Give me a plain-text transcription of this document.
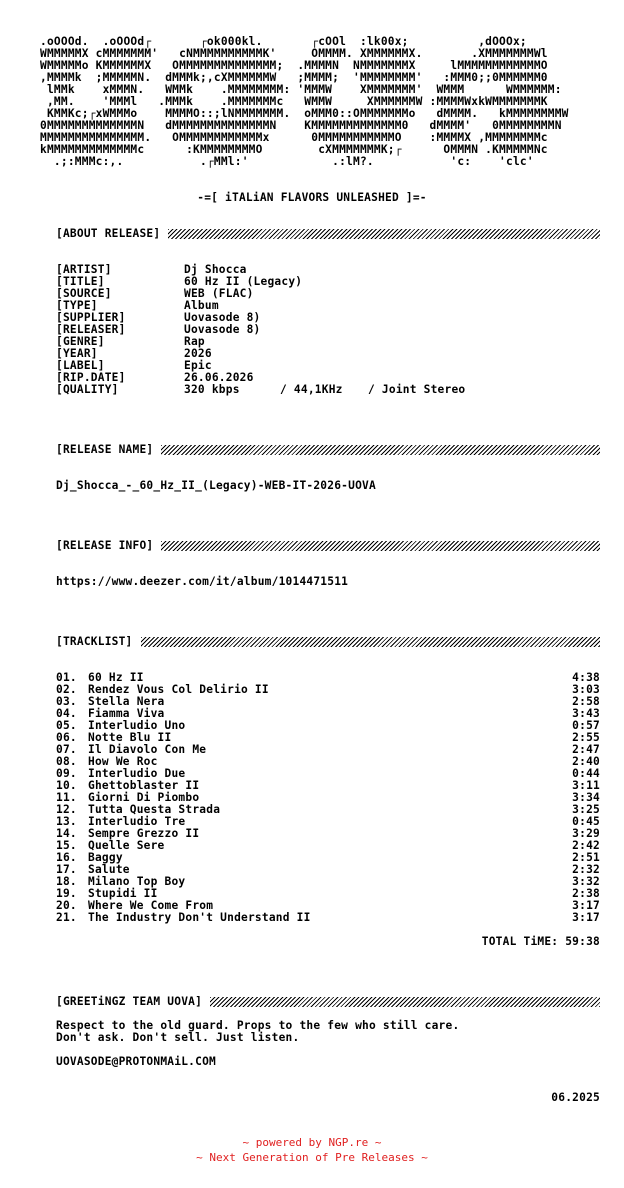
.oOOOd.  .oOOOd┌       ┌ok000kl.       ┌cOOl  :lk00x;          ,dOOOx;
WMMMMMX cMMMMMMM'   cNMMMMMMMMMMK'     OMMMM. XMMMMMMX.       .XMMMMMMMWl
WMMMMMo KMMMMMMX   OMMMMMMMMMMMMMM;  .MMMMN  NMMMMMMMX     lMMMMMMMMMMMMO
,MMMMk  ;MMMMMN.  dMMMk;,cXMMMMMMW   ;MMMM;  'MMMMMMMM'   :MMM0;;0MMMMMM0
lMMk    xMMMN.   WMMk    .MMMMMMMM: 'MMMW    XMMMMMMM'  WMMM      WMMMMMM:
,MM.    'MMMl   .MMMk    .MMMMMMMc   WMMW     XMMMMMMW :MMMMWxkWMMMMMMMK
KMMKc;┌xWMMMo    MMMMO::;lNMMMMMMM.  oMMM0::OMMMMMMMo   dMMMM.   kMMMMMMMMW
0MMMMMMMMMMMMMN   dMMMMMMMMMMMMMMN    KMMMMMMMMMMMMM0   dMMMM'   0MMMMMMMMN
MMMMMMMMMMMMMMM.   OMMMMMMMMMMMMx      0MMMMMMMMMMMO    :MMMMX ,MMMMMMMMc
kMMMMMMMMMMMMMc      :KMMMMMMMMO        cXMMMMMMMK;┌      OMMMN .KMMMMMNc
.;:MMMc:,.           .┌MMl:'            .:lM?.           'c:    'clc'
-=[ iTALiAN FLAVORS UNLEASHED ]=-
[ABOUT RELEASE]
[ARTIST]	Dj Shocca
[TITLE]	60 Hz II (Legacy)
[SOURCE]	WEB (FLAC)
[TYPE]	Album
[SUPPLIER]	Uovasode 8)
[RELEASER]	Uovasode 8)
[GENRE]	Rap
[YEAR]	2026
[LABEL]	Epic
[RIP.DATE]	26.06.2026
[QUALITY]	320 kbps	/ 44,1KHz / Joint Stereo
[RELEASE NAME]
Dj_Shocca_-_60_Hz_II_(Legacy)-WEB-IT-2026-UOVA
[RELEASE INFO]
https://www.deezer.com/it/album/1014471511
[TRACKLIST]
01. 60 Hz II	4:38
02. Rendez Vous Col Delirio II	3:03
03. Stella Nera	2:58
04. Fiamma Viva	3:43
05. Interludio Uno	0:57
06. Notte Blu II	2:55
07. Il Diavolo Con Me	2:47
08. How We Roc	2:40
09. Interludio Due	0:44
10. Ghettoblaster II	3:11
11. Giorni Di Piombo	3:34
12. Tutta Questa Strada	3:25
13. Interludio Tre	0:45
14. Sempre Grezzo II	3:29
15. Quelle Sere	2:42
16. Baggy	2:51
17. Salute	2:32
18. Milano Top Boy	3:32
19. Stupidi II	2:38
20. Where We Come From	3:17
21. The Industry Don't Understand II	3:17
TOTAL TiME: 59:38
[GREETiNGZ TEAM UOVA]
Respect to the old guard. Props to the few who still care.
Don't ask. Don't sell. Just listen.
UOVASODE@PROTONMAiL.COM
06.2025
~ powered by NGP.re ~
~ Next Generation of Pre Releases ~
